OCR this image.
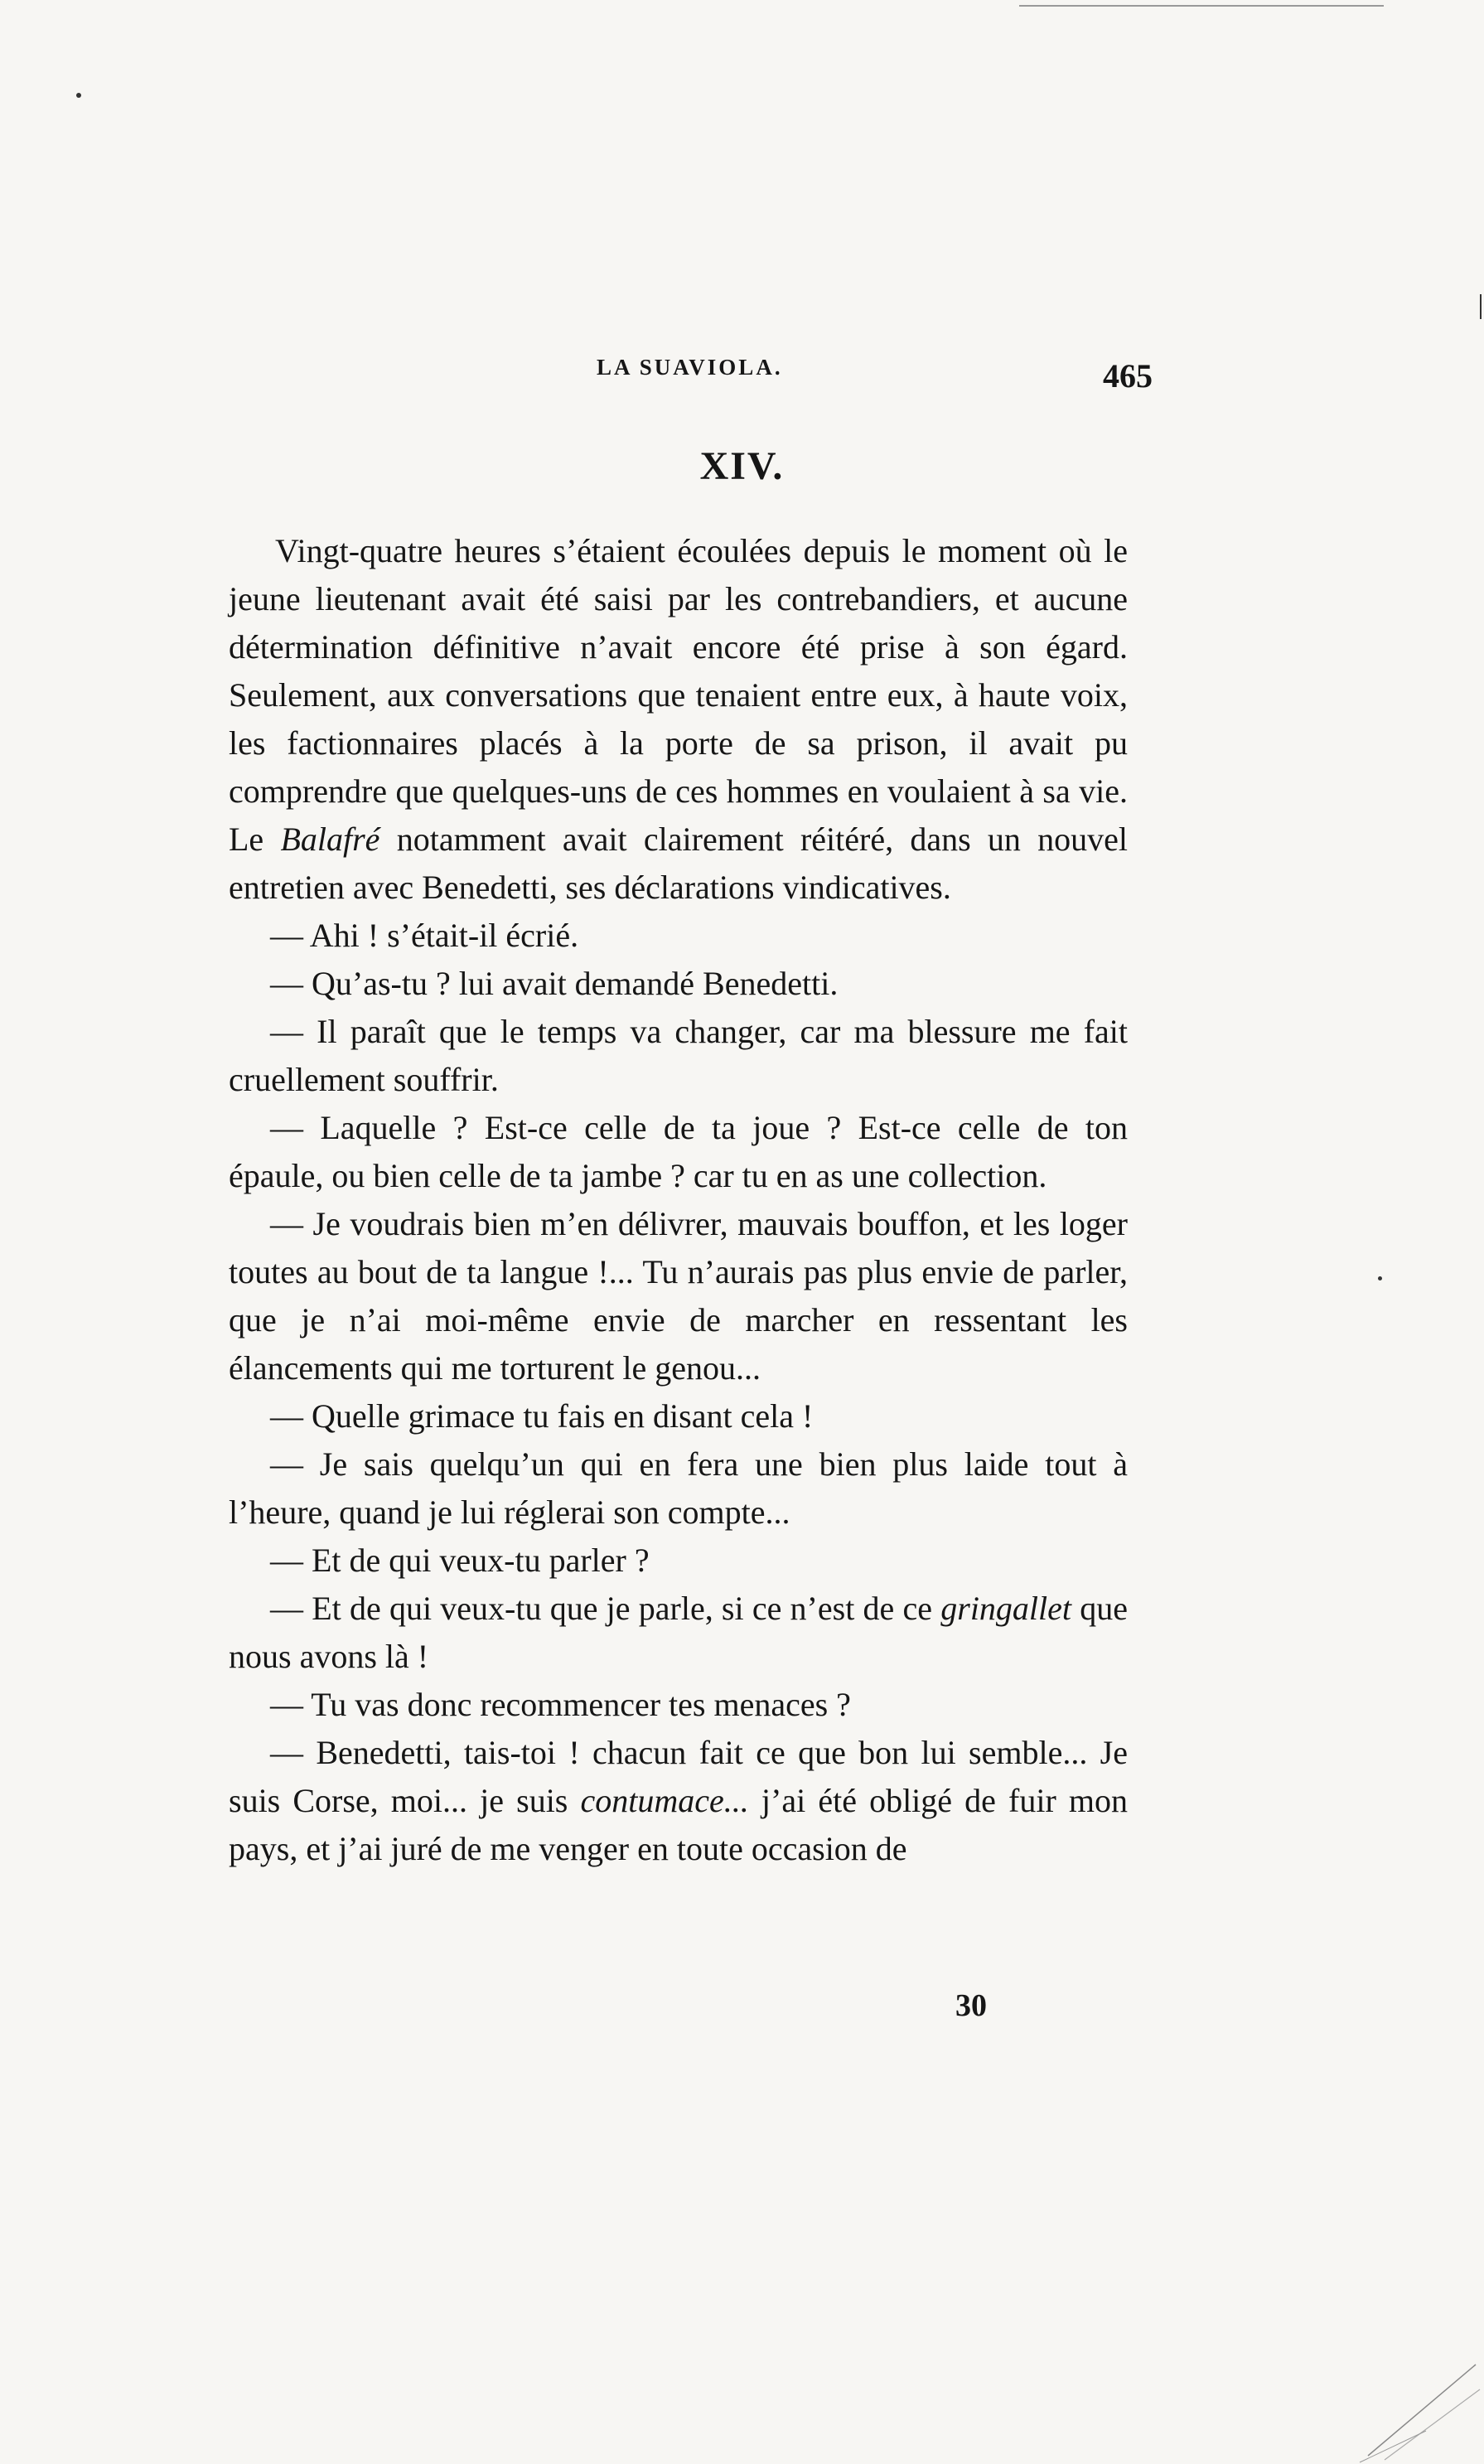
LA SUAVIOLA.	465
XIV.

Vingt-quatre heures s’étaient écoulées depuis le moment où le jeune lieutenant avait été saisi par les contrebandiers, et aucune détermination définitive n’avait encore été prise à son égard. Seulement, aux conversations que tenaient entre eux, à haute voix, les factionnaires placés à la porte de sa prison, il avait pu comprendre que quelques-uns de ces hommes en voulaient à sa vie. Le Balafré notamment avait clairement réitéré, dans un nouvel entretien avec Benedetti, ses déclarations vindicatives.

— Ahi ! s’était-il écrié.

— Qu’as-tu ? lui avait demandé Benedetti.

— Il paraît que le temps va changer, car ma blessure me fait cruellement souffrir.

— Laquelle ? Est-ce celle de ta joue ? Est-ce celle de ton épaule, ou bien celle de ta jambe ? car tu en as une collection.

— Je voudrais bien m’en délivrer, mauvais bouffon, et les loger toutes au bout de ta langue !... Tu n’aurais pas plus envie de parler, que je n’ai moi-même envie de marcher en ressentant les élancements qui me torturent le genou...

— Quelle grimace tu fais en disant cela !

— Je sais quelqu’un qui en fera une bien plus laide tout à l’heure, quand je lui réglerai son compte...

— Et de qui veux-tu parler ?

— Et de qui veux-tu que je parle, si ce n’est de ce gringallet que nous avons là !

— Tu vas donc recommencer tes menaces ?

— Benedetti, tais-toi ! chacun fait ce que bon lui semble... Je suis Corse, moi... je suis contumace... j’ai été obligé de fuir mon pays, et j’ai juré de me venger en toute occasion de

30
